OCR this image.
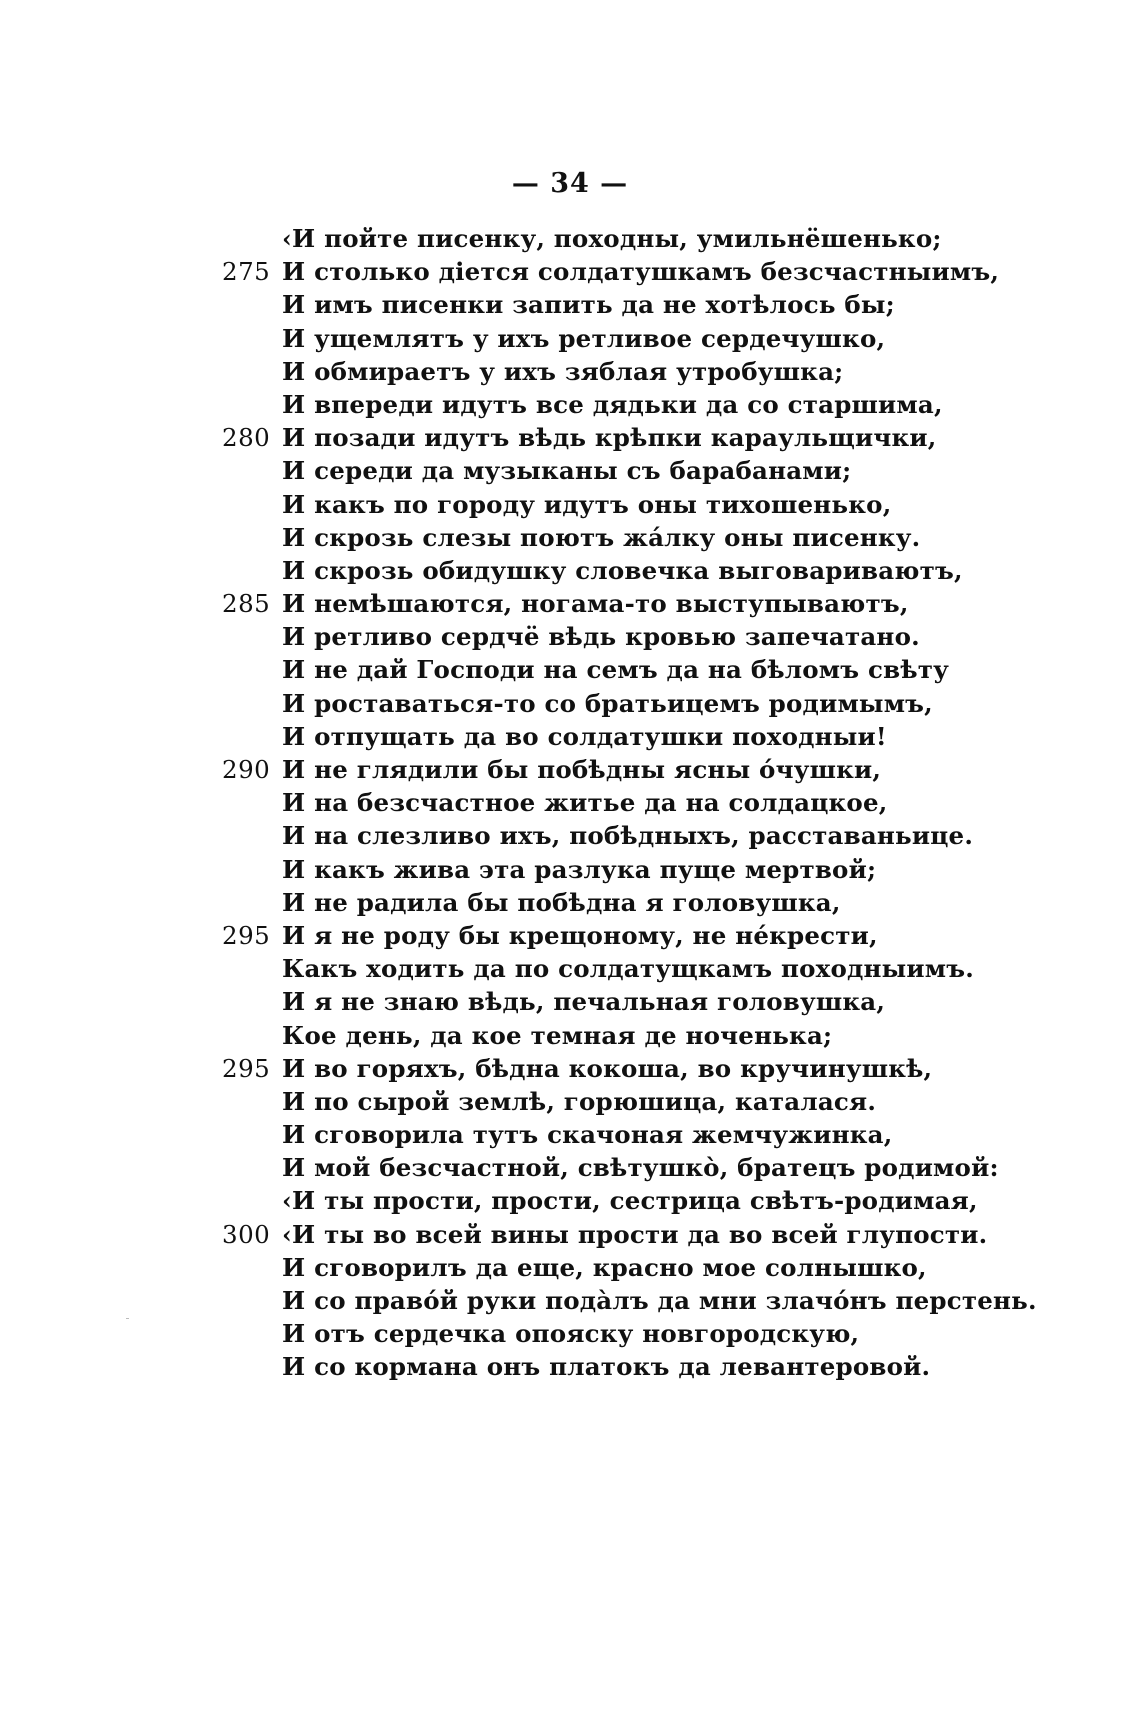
— 34 —
‹И пойте писенку, походны, умильнёшенько;
275 И столько дiется солдатушкамъ безсчастныимъ,
И имъ писенки запить да не хотѣлось бы;
И ущемлятъ у ихъ ретливое сердечушко,
И обмираетъ у ихъ зяблая утробушка;
И впереди идутъ все дядьки да со старшима,
280 И позади идутъ вѣдь крѣпки караульщички,
И середи да музыканы съ барабанами;
И какъ по городу идутъ оны тихошенько,
И скрозь слезы поютъ жáлку оны писенку.
И скрозь обидушку словечка выговариваютъ,
285 И немѣшаются, ногама-то выступываютъ,
И ретливо сердчё вѣдь кровью запечатано.
И не дай Господи на семъ да на бѣломъ свѣту
И роставаться-то со братьицемъ родимымъ,
И отпущать да во солдатушки походныи!
290 И не глядили бы побѣдны ясны óчушки,
И на безсчастное житье да на солдацкое,
И на слезливо ихъ, побѣдныхъ, расставаньице.
И какъ жива эта разлука пуще мертвой;
И не радила бы побѣдна я головушка,
295 И я не роду бы крещоному, не нéкрести,
Какъ ходить да по солдатущкамъ походныимъ.
И я не знаю вѣдь, печальная головушка,
Кое день, да кое темная де ноченька;
295 И во горяхъ, бѣдна кокоша, во кручинушкѣ,
И по сырой землѣ, горюшица, каталася.
И сговорила тутъ скачоная жемчужинка,
И мой безсчастной, свѣтушкò, братецъ родимой:
‹И ты прости, прости, сестрица свѣтъ-родимая,
300 ‹И ты во всей вины прости да во всей глупости.
И сговорилъ да еще, красно мое солнышко,
И со правóй руки подàлъ да мни злачóнъ перстень.
И отъ сердечка опояску новгородскую,
И со кормана онъ платокъ да левантеровой.
